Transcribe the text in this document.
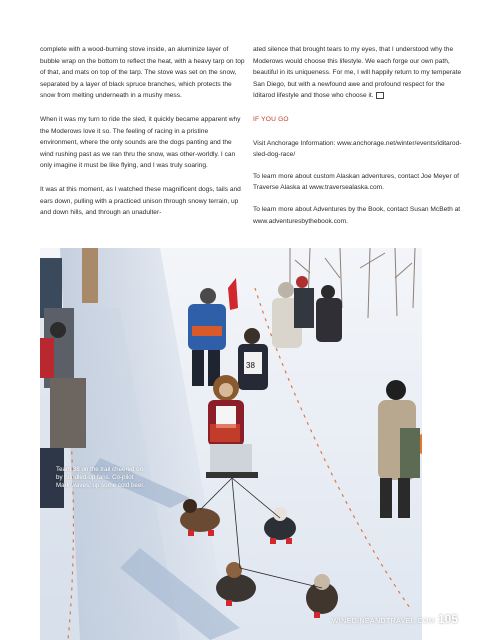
complete with a wood-burning stove inside, an aluminize layer of bubble wrap on the bottom to reflect the heat, with a heavy tarp on top of that, and mats on top of the tarp. The stove was set on the snow, separated by a layer of black spruce branches, which protects the snow from melting underneath in a mushy mess.

When it was my turn to ride the sled, it quickly became apparent why the Moderows love it so. The feeling of racing in a pristine environment, where the only sounds are the dogs panting and the wind rushing past as we ran thru the snow, was other-worldly. I can only imagine it must be like flying, and I was truly soaring.

It was at this moment, as I watched these magnificent dogs, tails and ears down, pulling with a practiced unison through snowy terrain, up and down hills, and through an unadulter-

ated silence that brought tears to my eyes, that I understood why the Moderows would choose this lifestyle. We each forge our own path, beautiful in its uniqueness. For me, I will happily return to my temperate San Diego, but with a newfound awe and profound respect for the Iditarod lifestyle and those who choose it.

IF YOU GO

Visit Anchorage Information: www.anchorage.net/winter/events/iditarod-sled-dog-race/

To learn more about custom Alaskan adventures, contact Joe Meyer of Traverse Alaska at www.traversealaska.com.

To learn more about Adventures by the Book, contact Susan McBeth at www.adventuresbythebook.com.

38
Team 38 on the trail cheered on by bundled-up fans. Co-pilot Mark waves, up some cold beer.
WINEDINEANDTRAVEL.COM 105
